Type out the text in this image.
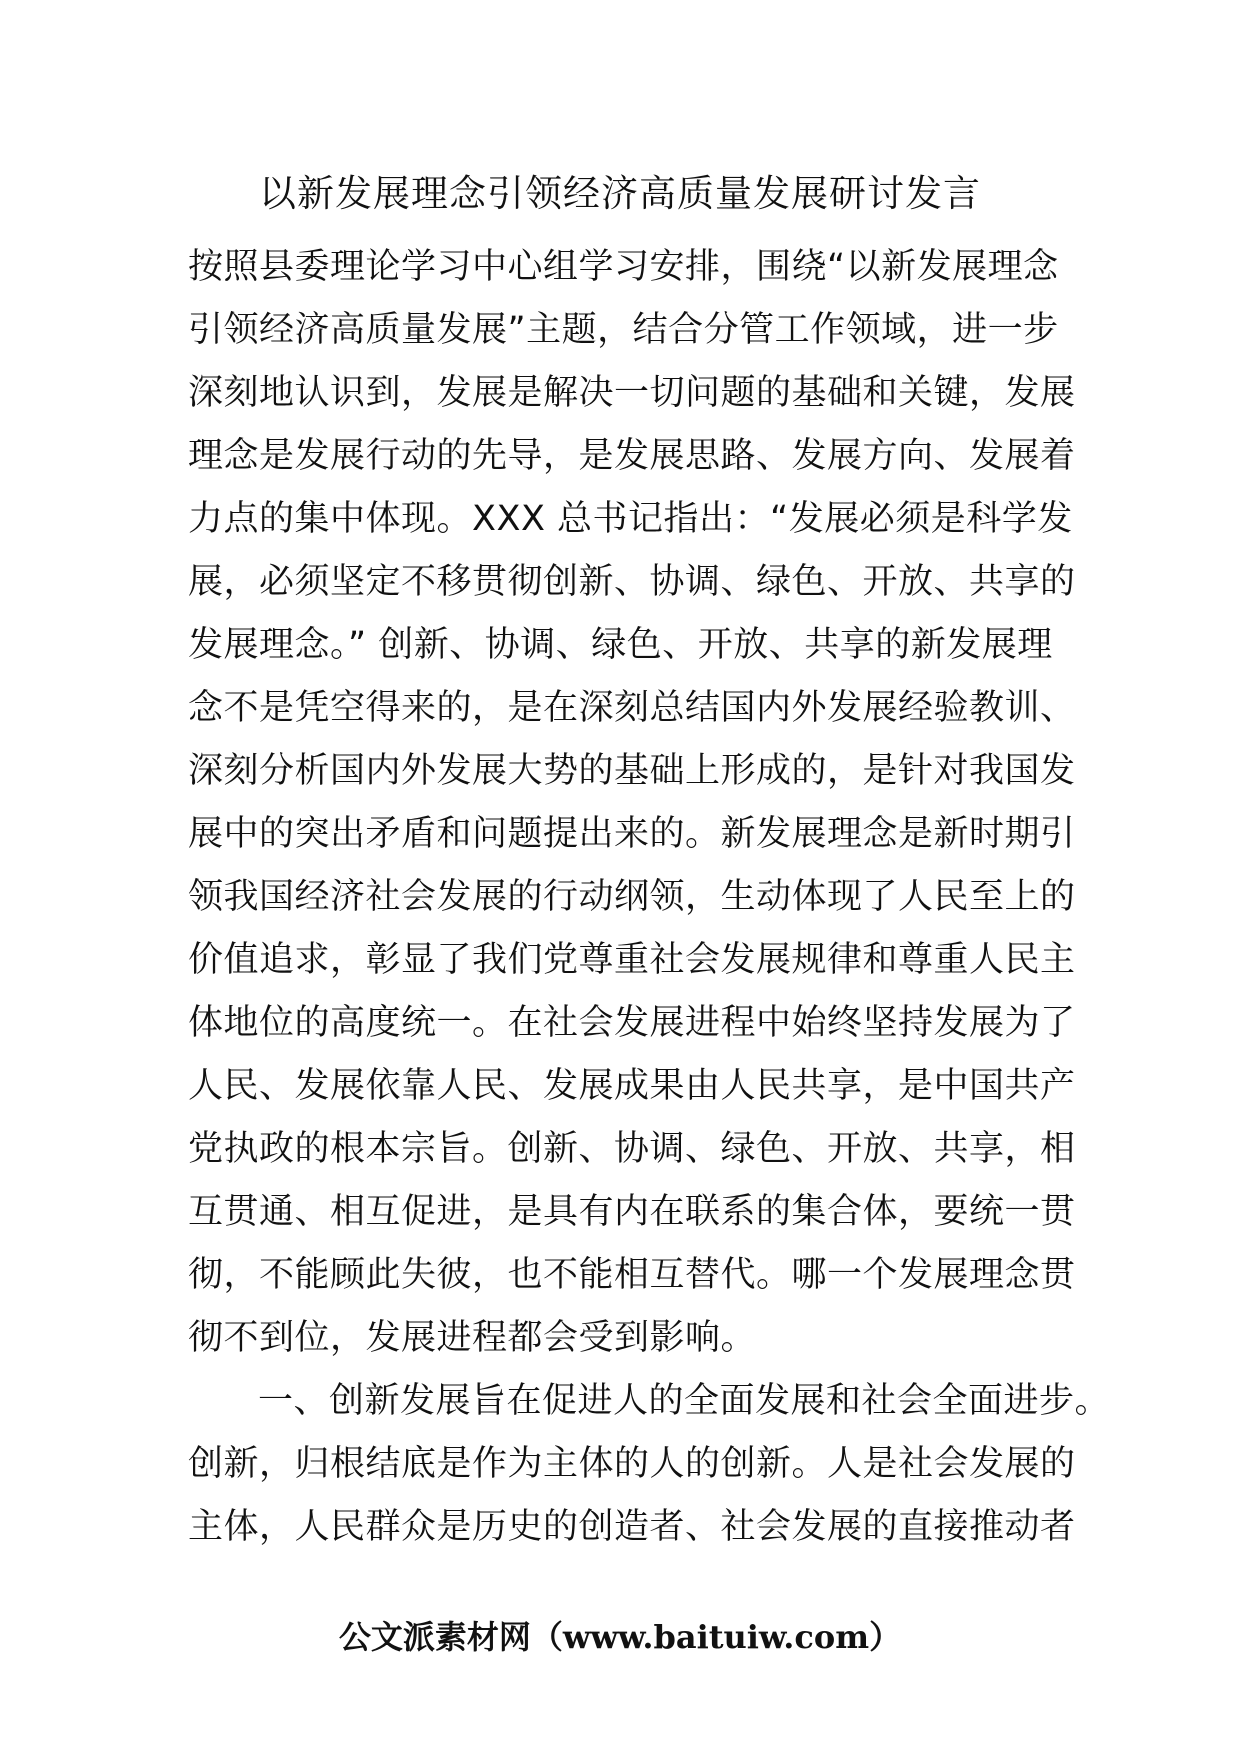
以新发展理念引领经济高质量发展研讨发言
按照县委理论学习中心组学习安排，围绕“以新发展理念
引领经济高质量发展”主题，结合分管工作领域，进一步
深刻地认识到，发展是解决一切问题的基础和关键，发展
理念是发展行动的先导，是发展思路、发展方向、发展着
力点的集中体现。XXX 总书记指出：“发展必须是科学发
展，必须坚定不移贯彻创新、协调、绿色、开放、共享的
发展理念。” 创新、协调、绿色、开放、共享的新发展理
念不是凭空得来的，是在深刻总结国内外发展经验教训、
深刻分析国内外发展大势的基础上形成的，是针对我国发
展中的突出矛盾和问题提出来的。新发展理念是新时期引
领我国经济社会发展的行动纲领，生动体现了人民至上的
价值追求，彰显了我们党尊重社会发展规律和尊重人民主
体地位的高度统一。在社会发展进程中始终坚持发展为了
人民、发展依靠人民、发展成果由人民共享，是中国共产
党执政的根本宗旨。创新、协调、绿色、开放、共享，相
互贯通、相互促进，是具有内在联系的集合体，要统一贯
彻，不能顾此失彼，也不能相互替代。哪一个发展理念贯
彻不到位，发展进程都会受到影响。
一、创新发展旨在促进人的全面发展和社会全面进步。
创新，归根结底是作为主体的人的创新。人是社会发展的
主体，人民群众是历史的创造者、社会发展的直接推动者
公文派素材网（www.baituiw.com）
